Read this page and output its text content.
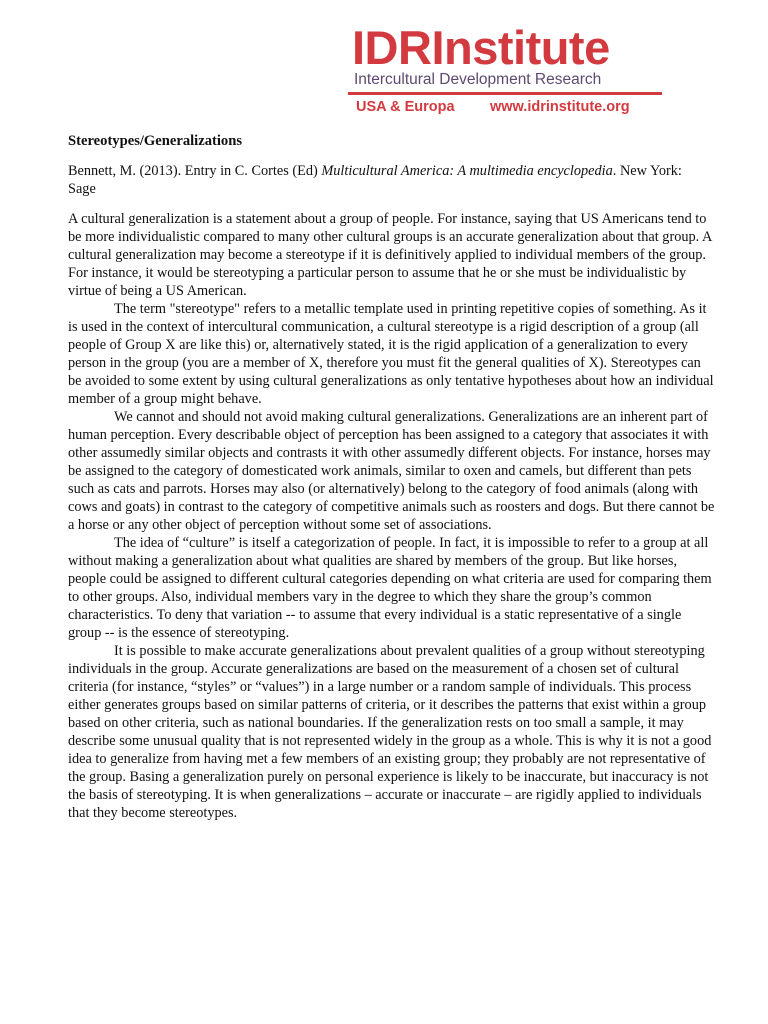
IDRInstitute
Intercultural Development Research
USA & Europa www.idrinstitute.org
Stereotypes/Generalizations
Bennett, M. (2013). Entry in C. Cortes (Ed) Multicultural America: A multimedia encyclopedia. New York: Sage

A cultural generalization is a statement about a group of people. For instance, saying that US Americans tend to be more individualistic compared to many other cultural groups is an accurate generalization about that group. A cultural generalization may become a stereotype if it is definitively applied to individual members of the group. For instance, it would be stereotyping a particular person to assume that he or she must be individualistic by virtue of being a US American.

The term "stereotype" refers to a metallic template used in printing repetitive copies of something. As it is used in the context of intercultural communication, a cultural stereotype is a rigid description of a group (all people of Group X are like this) or, alternatively stated, it is the rigid application of a generalization to every person in the group (you are a member of X, therefore you must fit the general qualities of X). Stereotypes can be avoided to some extent by using cultural generalizations as only tentative hypotheses about how an individual member of a group might behave.

We cannot and should not avoid making cultural generalizations. Generalizations are an inherent part of human perception. Every describable object of perception has been assigned to a category that associates it with other assumedly similar objects and contrasts it with other assumedly different objects. For instance, horses may be assigned to the category of domesticated work animals, similar to oxen and camels, but different than pets such as cats and parrots. Horses may also (or alternatively) belong to the category of food animals (along with cows and goats) in contrast to the category of competitive animals such as roosters and dogs. But there cannot be a horse or any other object of perception without some set of associations.

The idea of “culture” is itself a categorization of people. In fact, it is impossible to refer to a group at all without making a generalization about what qualities are shared by members of the group. But like horses, people could be assigned to different cultural categories depending on what criteria are used for comparing them to other groups. Also, individual members vary in the degree to which they share the group’s common characteristics. To deny that variation -- to assume that every individual is a static representative of a single group -- is the essence of stereotyping.

It is possible to make accurate generalizations about prevalent qualities of a group without stereotyping individuals in the group. Accurate generalizations are based on the measurement of a chosen set of cultural criteria (for instance, “styles” or “values”) in a large number or a random sample of individuals. This process either generates groups based on similar patterns of criteria, or it describes the patterns that exist within a group based on other criteria, such as national boundaries. If the generalization rests on too small a sample, it may describe some unusual quality that is not represented widely in the group as a whole. This is why it is not a good idea to generalize from having met a few members of an existing group; they probably are not representative of the group. Basing a generalization purely on personal experience is likely to be inaccurate, but inaccuracy is not the basis of stereotyping. It is when generalizations – accurate or inaccurate – are rigidly applied to individuals that they become stereotypes.
